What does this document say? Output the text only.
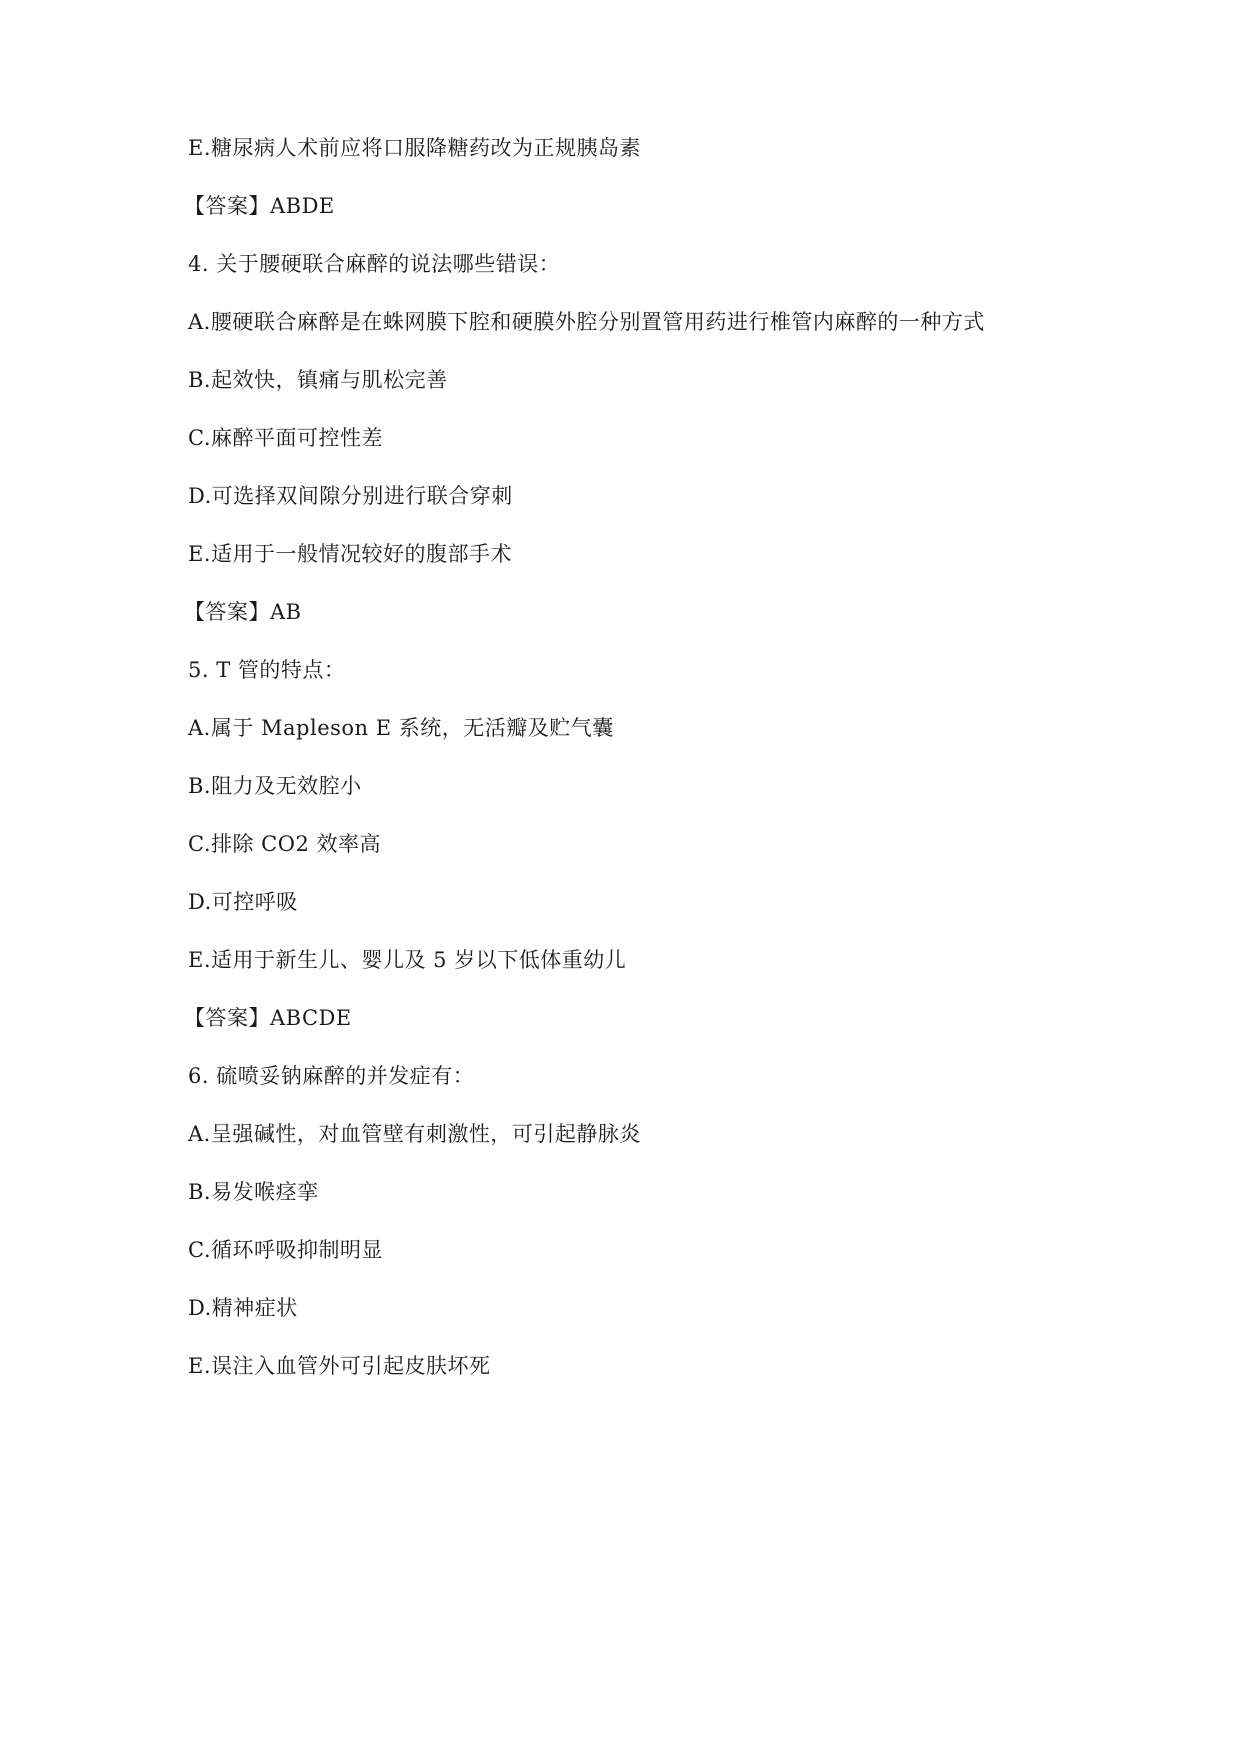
E.糖尿病人术前应将口服降糖药改为正规胰岛素
【答案】ABDE
4. 关于腰硬联合麻醉的说法哪些错误：
A.腰硬联合麻醉是在蛛网膜下腔和硬膜外腔分别置管用药进行椎管内麻醉的一种方式
B.起效快，镇痛与肌松完善
C.麻醉平面可控性差
D.可选择双间隙分别进行联合穿刺
E.适用于一般情况较好的腹部手术
【答案】AB
5. T 管的特点：
A.属于 Mapleson E 系统，无活瓣及贮气囊
B.阻力及无效腔小
C.排除 CO2 效率高
D.可控呼吸
E.适用于新生儿、婴儿及 5 岁以下低体重幼儿
【答案】ABCDE
6. 硫喷妥钠麻醉的并发症有：
A.呈强碱性，对血管壁有刺激性，可引起静脉炎
B.易发喉痉挛
C.循环呼吸抑制明显
D.精神症状
E.误注入血管外可引起皮肤坏死
